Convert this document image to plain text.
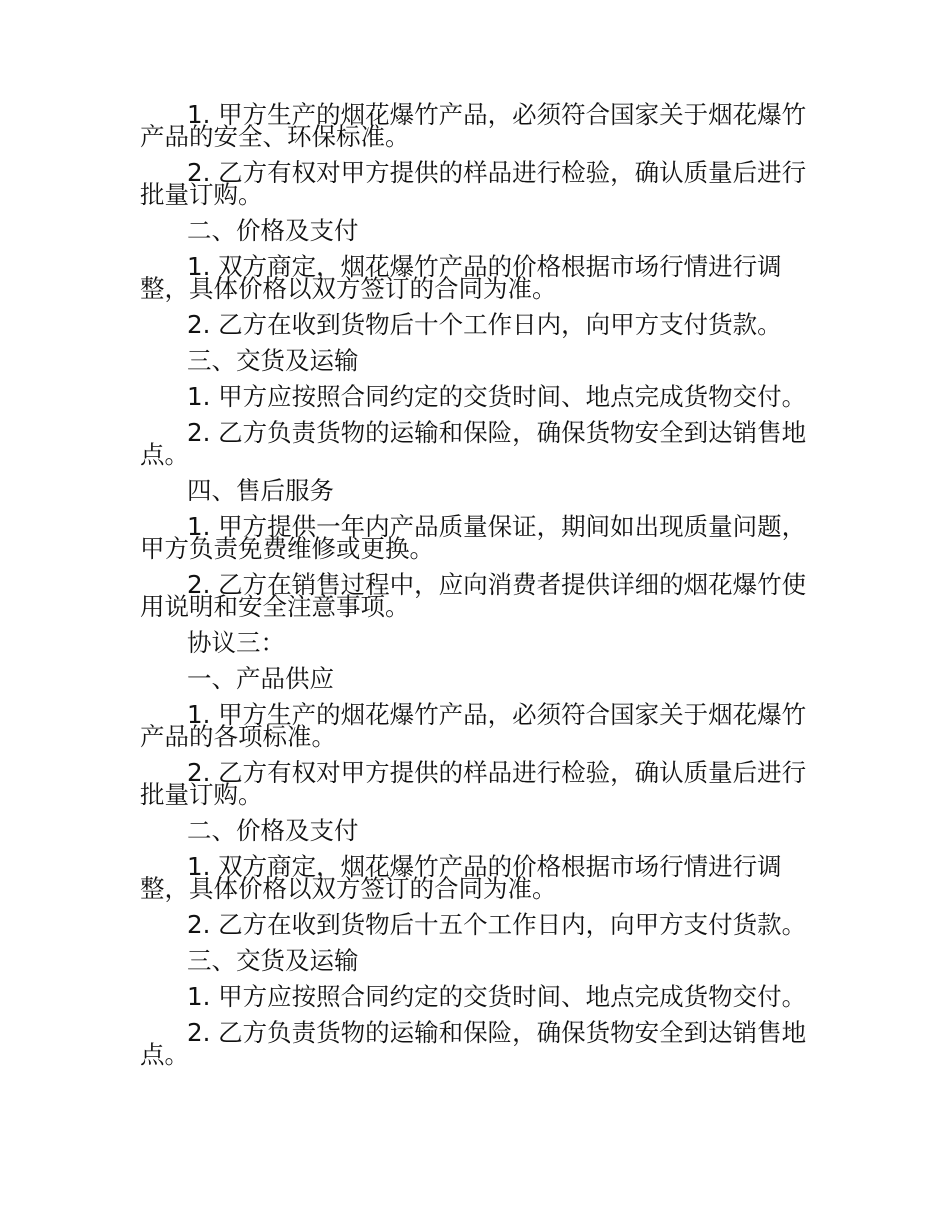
1. 甲方生产的烟花爆竹产品，必须符合国家关于烟花爆竹产品的安全、环保标准。

2. 乙方有权对甲方提供的样品进行检验，确认质量后进行批量订购。

二、价格及支付

1. 双方商定，烟花爆竹产品的价格根据市场行情进行调整，具体价格以双方签订的合同为准。

2. 乙方在收到货物后十个工作日内，向甲方支付货款。

三、交货及运输

1. 甲方应按照合同约定的交货时间、地点完成货物交付。

2. 乙方负责货物的运输和保险，确保货物安全到达销售地点。

四、售后服务

1. 甲方提供一年内产品质量保证，期间如出现质量问题，甲方负责免费维修或更换。

2. 乙方在销售过程中，应向消费者提供详细的烟花爆竹使用说明和安全注意事项。

协议三：

一、产品供应

1. 甲方生产的烟花爆竹产品，必须符合国家关于烟花爆竹产品的各项标准。

2. 乙方有权对甲方提供的样品进行检验，确认质量后进行批量订购。

二、价格及支付

1. 双方商定，烟花爆竹产品的价格根据市场行情进行调整，具体价格以双方签订的合同为准。

2. 乙方在收到货物后十五个工作日内，向甲方支付货款。

三、交货及运输

1. 甲方应按照合同约定的交货时间、地点完成货物交付。

2. 乙方负责货物的运输和保险，确保货物安全到达销售地点。
